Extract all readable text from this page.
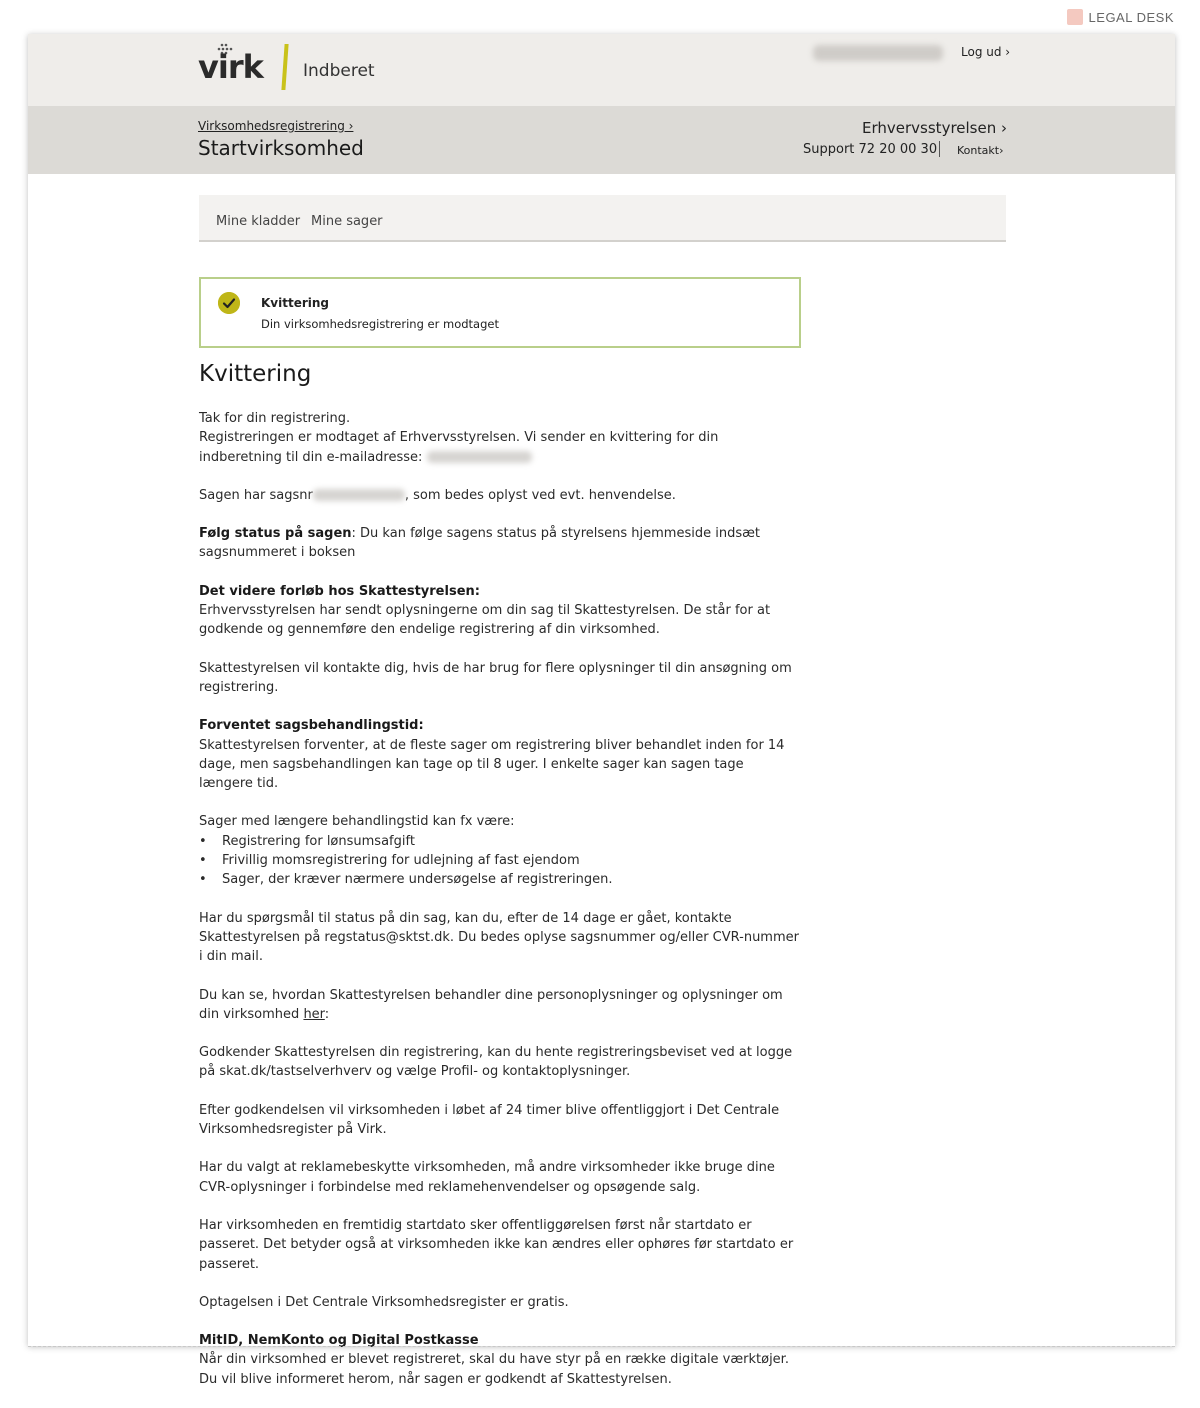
LEGAL DESK
virk Indberet
Log ud ›
Virksomhedsregistrering ›
Startvirksomhed
Erhvervsstyrelsen ›
Support 72 20 00 30 Kontakt›
Mine kladder Mine sager
Kvittering
Din virksomhedsregistrering er modtaget
Kvittering

Tak for din registrering.
Registreringen er modtaget af Erhvervsstyrelsen. Vi sender en kvittering for din indberetning til din e-mailadresse:

Sagen har sagsnr	, som bedes oplyst ved evt. henvendelse.

Følg status på sagen: Du kan følge sagens status på styrelsens hjemmeside indsæt sagsnummeret i boksen

Det videre forløb hos Skattestyrelsen:
Erhvervsstyrelsen har sendt oplysningerne om din sag til Skattestyrelsen. De står for at godkende og gennemføre den endelige registrering af din virksomhed.

Skattestyrelsen vil kontakte dig, hvis de har brug for flere oplysninger til din ansøgning om registrering.

Forventet sagsbehandlingstid:
Skattestyrelsen forventer, at de fleste sager om registrering bliver behandlet inden for 14 dage, men sagsbehandlingen kan tage op til 8 uger. I enkelte sager kan sagen tage længere tid.

Sager med længere behandlingstid kan fx være:
• Registrering for lønsumsafgift
• Frivillig momsregistrering for udlejning af fast ejendom
• Sager, der kræver nærmere undersøgelse af registreringen.

Har du spørgsmål til status på din sag, kan du, efter de 14 dage er gået, kontakte Skattestyrelsen på regstatus@sktst.dk. Du bedes oplyse sagsnummer og/eller CVR-nummer i din mail.

Du kan se, hvordan Skattestyrelsen behandler dine personoplysninger og oplysninger om din virksomhed her:

Godkender Skattestyrelsen din registrering, kan du hente registreringsbeviset ved at logge på skat.dk/tastselverhverv og vælge Profil- og kontaktoplysninger.

Efter godkendelsen vil virksomheden i løbet af 24 timer blive offentliggjort i Det Centrale Virksomhedsregister på Virk.

Har du valgt at reklamebeskytte virksomheden, må andre virksomheder ikke bruge dine CVR-oplysninger i forbindelse med reklamehenvendelser og opsøgende salg.

Har virksomheden en fremtidig startdato sker offentliggørelsen først når startdato er passeret. Det betyder også at virksomheden ikke kan ændres eller ophøres før startdato er passeret.

Optagelsen i Det Centrale Virksomhedsregister er gratis.

MitID, NemKonto og Digital Postkasse
Når din virksomhed er blevet registreret, skal du have styr på en række digitale værktøjer. Du vil blive informeret herom, når sagen er godkendt af Skattestyrelsen.
